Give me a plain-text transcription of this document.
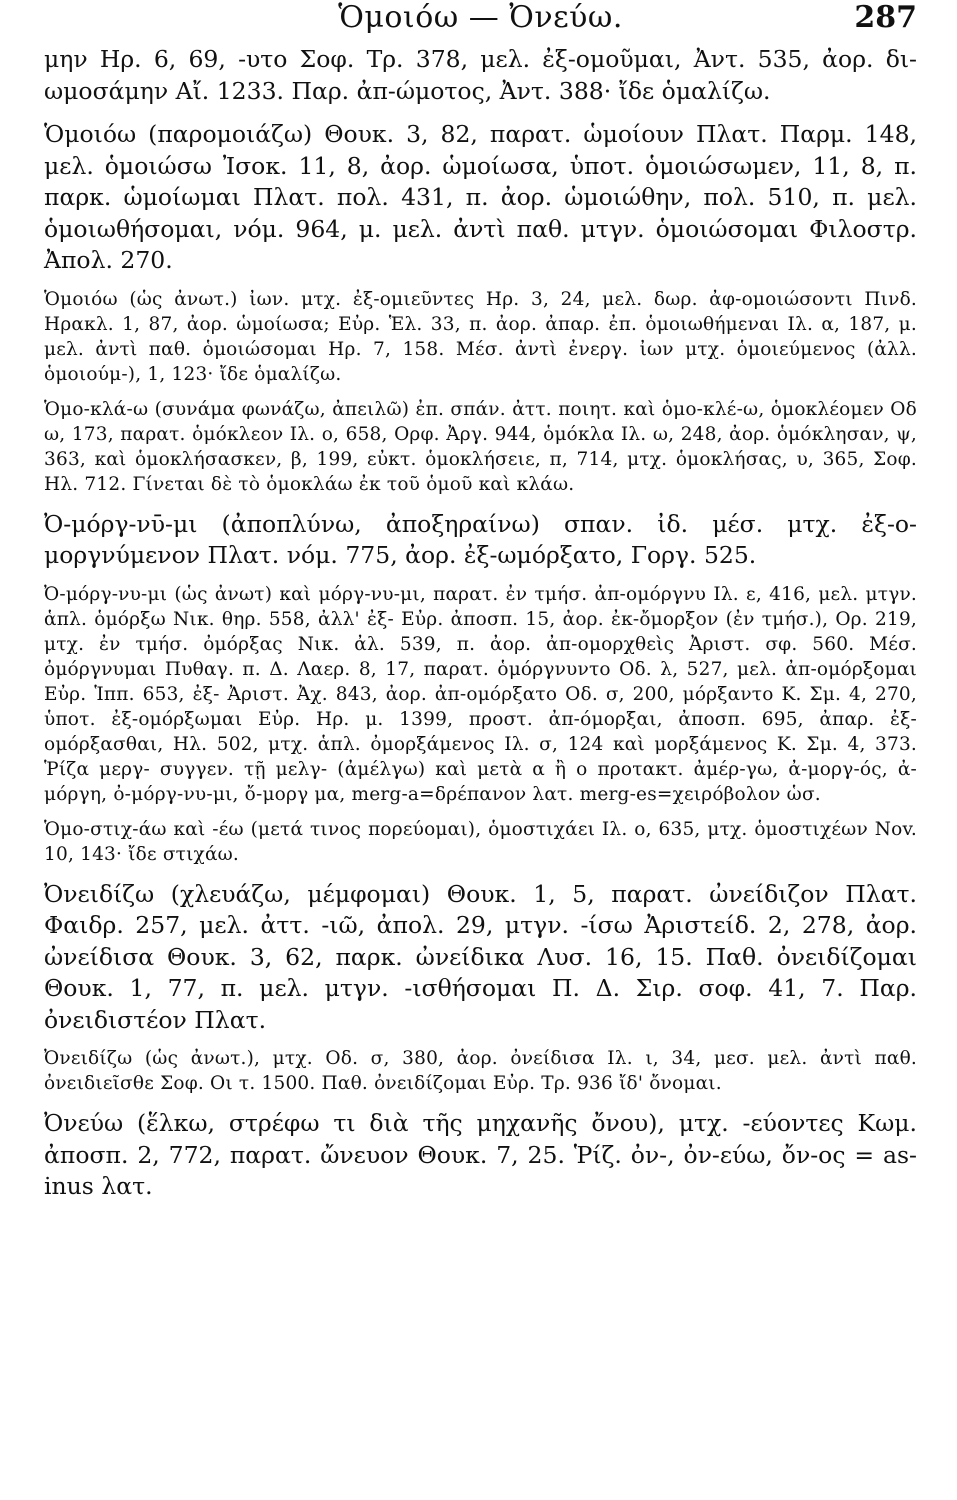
Ὁμοιόω — Ὀνεύω.	287

μην Ηρ. 6, 69, -υτο Σοφ. Τρ. 378, μελ. ἐξ-ομοῦμαι, Ἀντ. 535, ἀορ. δι-ωμοσάμην Αἴ. 1233. Παρ. ἀπ-ώμοτος, Ἀντ. 388· ἴδε ὁμαλίζω.

Ὁμοιόω (παρομοιάζω) Θουκ. 3, 82, παρατ. ὡμοίουν Πλατ. Παρμ. 148, μελ. ὁμοιώσω Ἰσοκ. 11, 8, ἀορ. ὡμοίωσα, ὑποτ. ὁμοιώσωμεν, 11, 8, π. παρκ. ὡμοίωμαι Πλατ. πολ. 431, π. ἀορ. ὡμοιώθην, πολ. 510, π. μελ. ὁμοιωθήσομαι, νόμ. 964, μ. μελ. ἀντὶ παθ. μτγν. ὁμοιώσομαι Φιλοστρ. Ἀπολ. 270.

Ὁμοιόω (ὡς ἀνωτ.) ἰων. μτχ. ἐξ-ομιεῦντες Ηρ. 3, 24, μελ. δωρ. ἀφ-ομοιώσοντι Πινδ. Ηρακλ. 1, 87, ἀορ. ὡμοίωσα; Εὐρ. Ἑλ. 33, π. ἀορ. ἀπαρ. ἐπ. ὁμοιωθήμεναι Ιλ. α, 187, μ. μελ. ἀντὶ παθ. ὁμοιώσομαι Ηρ. 7, 158. Μέσ. ἀντὶ ἐνεργ. ἰων μτχ. ὁμοιεύμενος (ἀλλ. ὁμοιούμ-), 1, 123· ἴδε ὁμαλίζω.

Ὁμο-κλά-ω (συνάμα φωνάζω, ἀπειλῶ) ἐπ. σπάν. ἀττ. ποιητ. καὶ ὁμο-κλέ-ω, ὁμοκλέομεν Οδ ω, 173, παρατ. ὁμόκλεον Ιλ. ο, 658, Ορφ. Ἀργ. 944, ὁμόκλα Ιλ. ω, 248, ἀορ. ὁμόκλησαν, ψ, 363, καὶ ὁμοκλήσασκεν, β, 199, εὐκτ. ὁμοκλήσειε, π, 714, μτχ. ὁμοκλήσας, υ, 365, Σοφ. Ηλ. 712. Γίνεται δὲ τὸ ὁμοκλάω ἐκ τοῦ ὁμοῦ καὶ κλάω.

Ὀ-μόργ-νῡ-μι (ἀποπλύνω, ἀποξηραίνω) σπαν. ἰδ. μέσ. μτχ. ἐξ-ο-μοργνύμενον Πλατ. νόμ. 775, ἀορ. ἐξ-ωμόρξατο, Γοργ. 525.

Ὀ-μόργ-νυ-μι (ὡς ἀνωτ) καὶ μόργ-νυ-μι, παρατ. ἐν τμήσ. ἀπ-ομόργνυ Ιλ. ε, 416, μελ. μτγν. ἁπλ. ὁμόρξω Νικ. θηρ. 558, ἀλλ' ἐξ- Εὐρ. ἀποσπ. 15, ἀορ. ἐκ-ὄμορξον (ἐν τμήσ.), Ορ. 219, μτχ. ἐν τμήσ. ὀμόρξας Νικ. ἀλ. 539, π. ἀορ. ἀπ-ομορχθεὶς Ἀριστ. σφ. 560. Μέσ. ὀμόργνυμαι Πυθαγ. π. Δ. Λαερ. 8, 17, παρατ. ὁμόργνυντο Οδ. λ, 527, μελ. ἀπ-ομόρξομαι Εὐρ. Ἱππ. 653, ἐξ- Ἀριστ. Ἀχ. 843, ἀορ. ἀπ-ομόρξατο Οδ. σ, 200, μόρξαντο Κ. Σμ. 4, 270, ὑποτ. ἐξ-ομόρξωμαι Εὐρ. Ηρ. μ. 1399, προστ. ἀπ-όμορξαι, ἀποσπ. 695, ἀπαρ. ἐξ-ομόρξασθαι, Ηλ. 502, μτχ. ἁπλ. ὀμορξάμενος Ιλ. σ, 124 καὶ μορξάμενος Κ. Σμ. 4, 373. Ῥίζα μεργ- συγγεν. τῇ μελγ- (ἀμέλγω) καὶ μετὰ α ἢ ο προτακτ. ἀμέρ-γω, ἀ-μοργ-ός, ἀ-μόργη, ὀ-μόργ-νυ-μι, ὄ-μοργ μα, merg-a=δρέπανον λατ. merg-es=χειρόβολον ὡσ.

Ὁμο-στιχ-άω καὶ -έω (μετά τινος πορεύομαι), ὁμοστιχάει Ιλ. ο, 635, μτχ. ὁμοστιχέων Nov. 10, 143· ἴδε στιχάω.

Ὀνειδίζω (χλευάζω, μέμφομαι) Θουκ. 1, 5, παρατ. ὠνείδιζον Πλατ. Φαιδρ. 257, μελ. ἀττ. -ιῶ, ἀπολ. 29, μτγν. -ίσω Ἀριστείδ. 2, 278, ἀορ. ὠνείδισα Θουκ. 3, 62, παρκ. ὠνείδικα Λυσ. 16, 15. Παθ. ὀνειδίζομαι Θουκ. 1, 77, π. μελ. μτγν. -ισθήσομαι Π. Δ. Σιρ. σοφ. 41, 7. Παρ. ὀνειδιστέον Πλατ.

Ὀνειδίζω (ὡς ἀνωτ.), μτχ. Οδ. σ, 380, ἀορ. ὀνείδισα Ιλ. ι, 34, μεσ. μελ. ἀντὶ παθ. ὀνειδιεῖσθε Σοφ. Οι τ. 1500. Παθ. ὀνειδίζομαι Εὐρ. Τρ. 936 ἴδ' ὄνομαι.

Ὀνεύω (ἕλκω, στρέφω τι διὰ τῆς μηχανῆς ὄνου), μτχ. -εύοντες Κωμ. ἀποσπ. 2, 772, παρατ. ὤνευον Θουκ. 7, 25. Ῥίζ. ὀν-, ὀν-εύω, ὄν-ος = as-inus λατ.
